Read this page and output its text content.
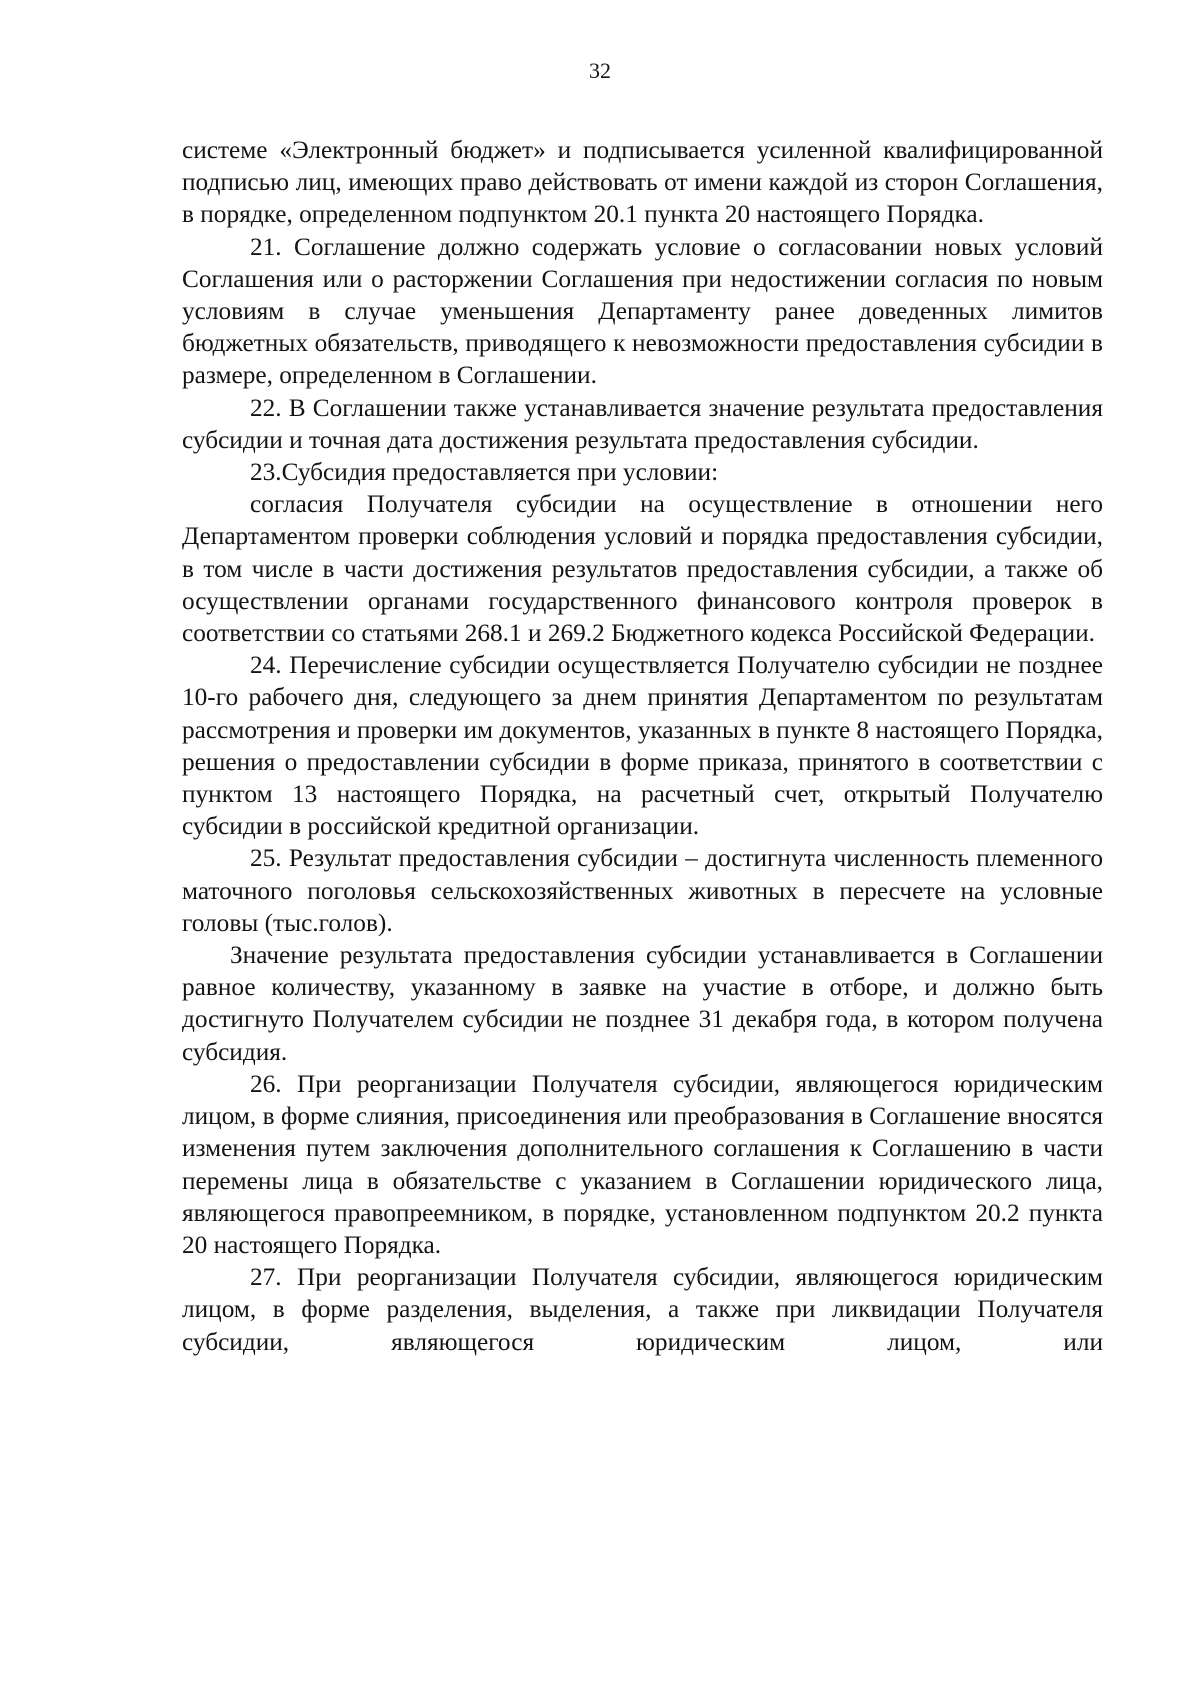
32

системе «Электронный бюджет» и подписывается усиленной квалифицированной подписью лиц, имеющих право действовать от имени каждой из сторон Соглашения, в порядке, определенном подпунктом 20.1 пункта 20 настоящего Порядка.

21. Соглашение должно содержать условие о согласовании новых условий Соглашения или о расторжении Соглашения при недостижении согласия по новым условиям в случае уменьшения Департаменту ранее доведенных лимитов бюджетных обязательств, приводящего к невозможности предоставления субсидии в размере, определенном в Соглашении.

22. В Соглашении также устанавливается значение результата предоставления субсидии и точная дата достижения результата предоставления субсидии.

23.Субсидия предоставляется при условии:

согласия Получателя субсидии на осуществление в отношении него Департаментом проверки соблюдения условий и порядка предоставления субсидии, в том числе в части достижения результатов предоставления субсидии, а также об осуществлении органами государственного финансового контроля проверок в соответствии со статьями 268.1 и 269.2 Бюджетного кодекса Российской Федерации.

24. Перечисление субсидии осуществляется Получателю субсидии не позднее 10-го рабочего дня, следующего за днем принятия Департаментом по результатам рассмотрения и проверки им документов, указанных в пункте 8 настоящего Порядка, решения о предоставлении субсидии в форме приказа, принятого в соответствии с пунктом 13 настоящего Порядка, на расчетный счет, открытый Получателю субсидии в российской кредитной организации.

25. Результат предоставления субсидии – достигнута численность племенного маточного поголовья сельскохозяйственных животных в пересчете на условные головы (тыс.голов).

Значение результата предоставления субсидии устанавливается в Соглашении равное количеству, указанному в заявке на участие в отборе, и должно быть достигнуто Получателем субсидии не позднее 31 декабря года, в котором получена субсидия.

26. При реорганизации Получателя субсидии, являющегося юридическим лицом, в форме слияния, присоединения или преобразования в Соглашение вносятся изменения путем заключения дополнительного соглашения к Соглашению в части перемены лица в обязательстве с указанием в Соглашении юридического лица, являющегося правопреемником, в порядке, установленном подпунктом 20.2 пункта 20 настоящего Порядка.

27. При реорганизации Получателя субсидии, являющегося юридическим лицом, в форме разделения, выделения, а также при ликвидации Получателя субсидии, являющегося юридическим лицом, или
